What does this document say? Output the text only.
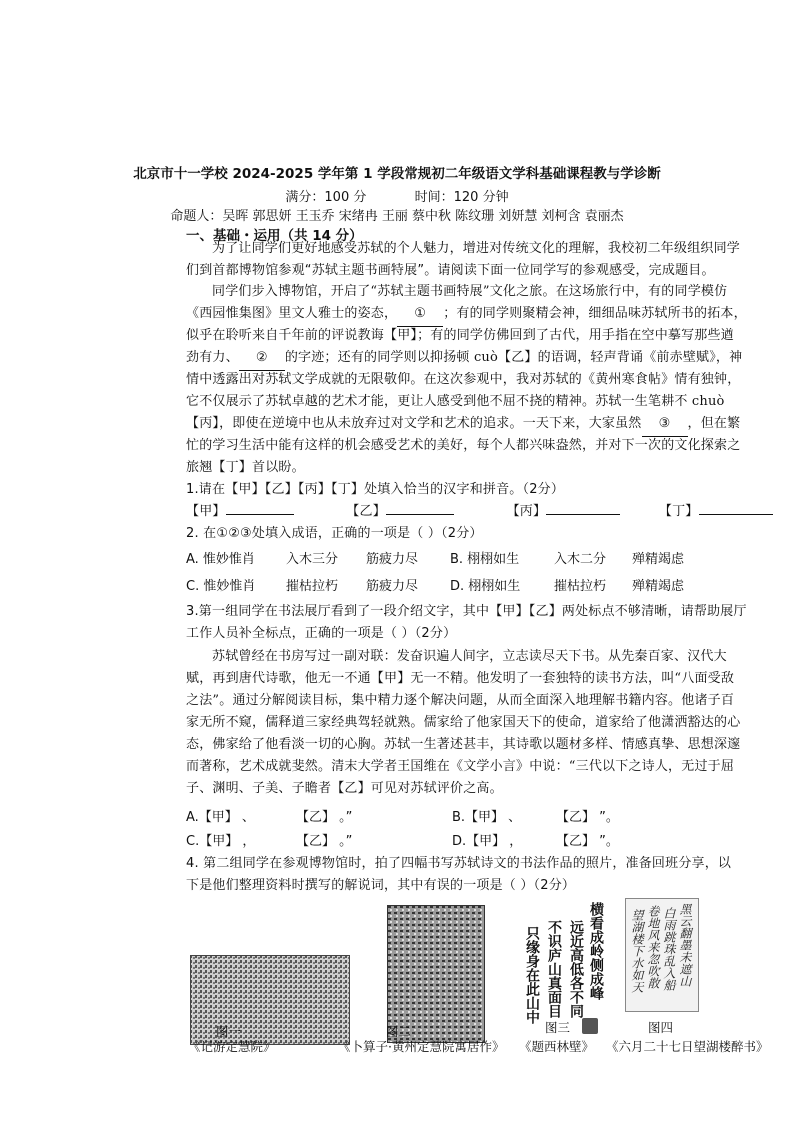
北京市十一学校 2024-2025 学年第 1 学段常规初二年级语文学科基础课程教与学诊断
满分：100 分	时间：120 分钟
命题人：吴晖 郭思妍 王玉乔 宋绪冉 王丽 蔡中秋 陈纹珊 刘妍慧 刘柯含 袁丽杰
一、基础・运用（共 14 分）
为了让同学们更好地感受苏轼的个人魅力，增进对传统文化的理解，我校初二年级组织同学
们到首都博物馆参观“苏轼主题书画特展”。请阅读下面一位同学写的参观感受，完成题目。
同学们步入博物馆，开启了“苏轼主题书画特展”文化之旅。在这场旅行中，有的同学模仿
《西园惟集图》里文人雅士的姿态， ① ；有的同学则聚精会神，细细品味苏轼所书的拓本，
似乎在聆听来自千年前的评说教诲【甲】；有的同学仿佛回到了古代，用手指在空中摹写那些遒
劲有力、 ② 的字迹；还有的同学则以抑扬顿 cuò【乙】的语调，轻声背诵《前赤壁赋》，神
情中透露出对苏轼文学成就的无限敬仰。在这次参观中，我对苏轼的《黄州寒食帖》情有独钟，
它不仅展示了苏轼卓越的艺术才能，更让人感受到他不屈不挠的精神。苏轼一生笔耕不 chuò
【丙】，即使在逆境中也从未放弃过对文学和艺术的追求。一天下来，大家虽然 ③ ，但在繁
忙的学习生活中能有这样的机会感受艺术的美好，每个人都兴味盎然，并对下一次的文化探索之
旅翘【丁】首以盼。
1.请在【甲】【乙】【丙】【丁】处填入恰当的汉字和拼音。（2分）
【甲】	【乙】	【丙】	【丁】
2. 在①②③处填入成语，正确的一项是（ ）（2分）
A. 惟妙惟肖 入木三分 筋疲力尽 B. 栩栩如生	入木二分 殚精竭虑
C. 惟妙惟肖 摧枯拉朽 筋疲力尽 D. 栩栩如生	摧枯拉朽 殚精竭虑
3.第一组同学在书法展厅看到了一段介绍文字，其中【甲】【乙】两处标点不够清晰，请帮助展厅
工作人员补全标点，正确的一项是（ ）（2分）
苏轼曾经在书房写过一副对联：发奋识遍人间字，立志读尽天下书。从先秦百家、汉代大
赋，再到唐代诗歌，他无一不通【甲】无一不精。他发明了一套独特的读书方法，叫“八面受敌
之法”。通过分解阅读目标，集中精力逐个解决问题，从而全面深入地理解书籍内容。他诸子百
家无所不窥，儒释道三家经典驾轻就熟。儒家给了他家国天下的使命，道家给了他潇洒豁达的心
态，佛家给了他看淡一切的心胸。苏轼一生著述甚丰，其诗歌以题材多样、情感真挚、思想深邃
而著称，艺术成就斐然。清末大学者王国维在《文学小言》中说：“三代以下之诗人，无过于屈
子、渊明、子美、子瞻者【乙】可见对苏轼评价之高。
A.【甲】 、	【乙】 。”	B.【甲】 、	【乙】 ”。
C.【甲】 ，	【乙】 。”	D.【甲】 ，	【乙】 ”。
4. 第二组同学在参观博物馆时，拍了四幅书写苏轼诗文的书法作品的照片，准备回班分享，以
下是他们整理资料时撰写的解说词，其中有误的一项是（ ）（2分）
横看成岭侧成峰
远近高低各不同
不识庐山真面目
只缘身在此山中	黑云翻墨未遮山
白雨跳珠乱入船
卷地风来忽吹散
望湖楼下水如天
图一	图二	图三	图四
《记游定慧院》	《卜算子·黄州定慧院寓居作》 《题西林壁》 《六月二十七日望湖楼醉书》
